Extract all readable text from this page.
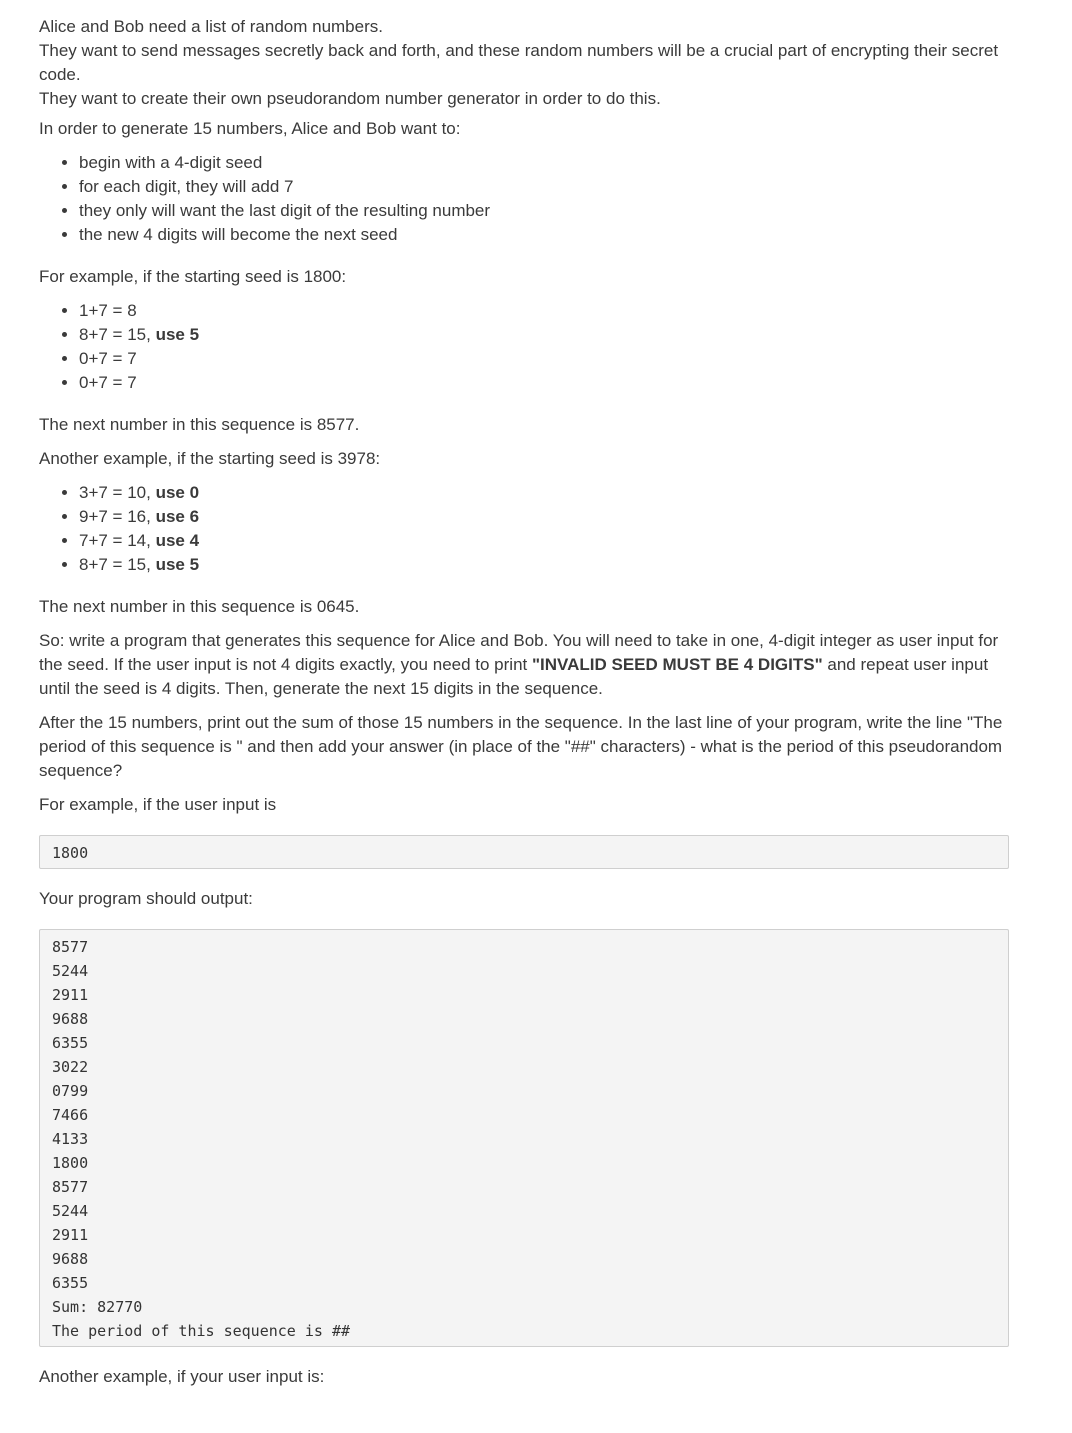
Alice and Bob need a list of random numbers.
They want to send messages secretly back and forth, and these random numbers will be a crucial part of encrypting their secret code.
They want to create their own pseudorandom number generator in order to do this.

In order to generate 15 numbers, Alice and Bob want to:

• begin with a 4-digit seed
• for each digit, they will add 7
• they only will want the last digit of the resulting number
• the new 4 digits will become the next seed

For example, if the starting seed is 1800:

• 1+7 = 8
• 8+7 = 15, use 5
• 0+7 = 7
• 0+7 = 7

The next number in this sequence is 8577.

Another example, if the starting seed is 3978:

• 3+7 = 10, use 0
• 9+7 = 16, use 6
• 7+7 = 14, use 4
• 8+7 = 15, use 5

The next number in this sequence is 0645.

So: write a program that generates this sequence for Alice and Bob. You will need to take in one, 4-digit integer as user input for the seed. If the user input is not 4 digits exactly, you need to print "INVALID SEED MUST BE 4 DIGITS" and repeat user input until the seed is 4 digits. Then, generate the next 15 digits in the sequence.

After the 15 numbers, print out the sum of those 15 numbers in the sequence. In the last line of your program, write the line "The period of this sequence is " and then add your answer (in place of the "##" characters) - what is the period of this pseudorandom sequence?

For example, if the user input is

1800

Your program should output:

8577
5244
2911
9688
6355
3022
0799
7466
4133
1800
8577
5244
2911
9688
6355
Sum: 82770
The period of this sequence is ##

Another example, if your user input is:
